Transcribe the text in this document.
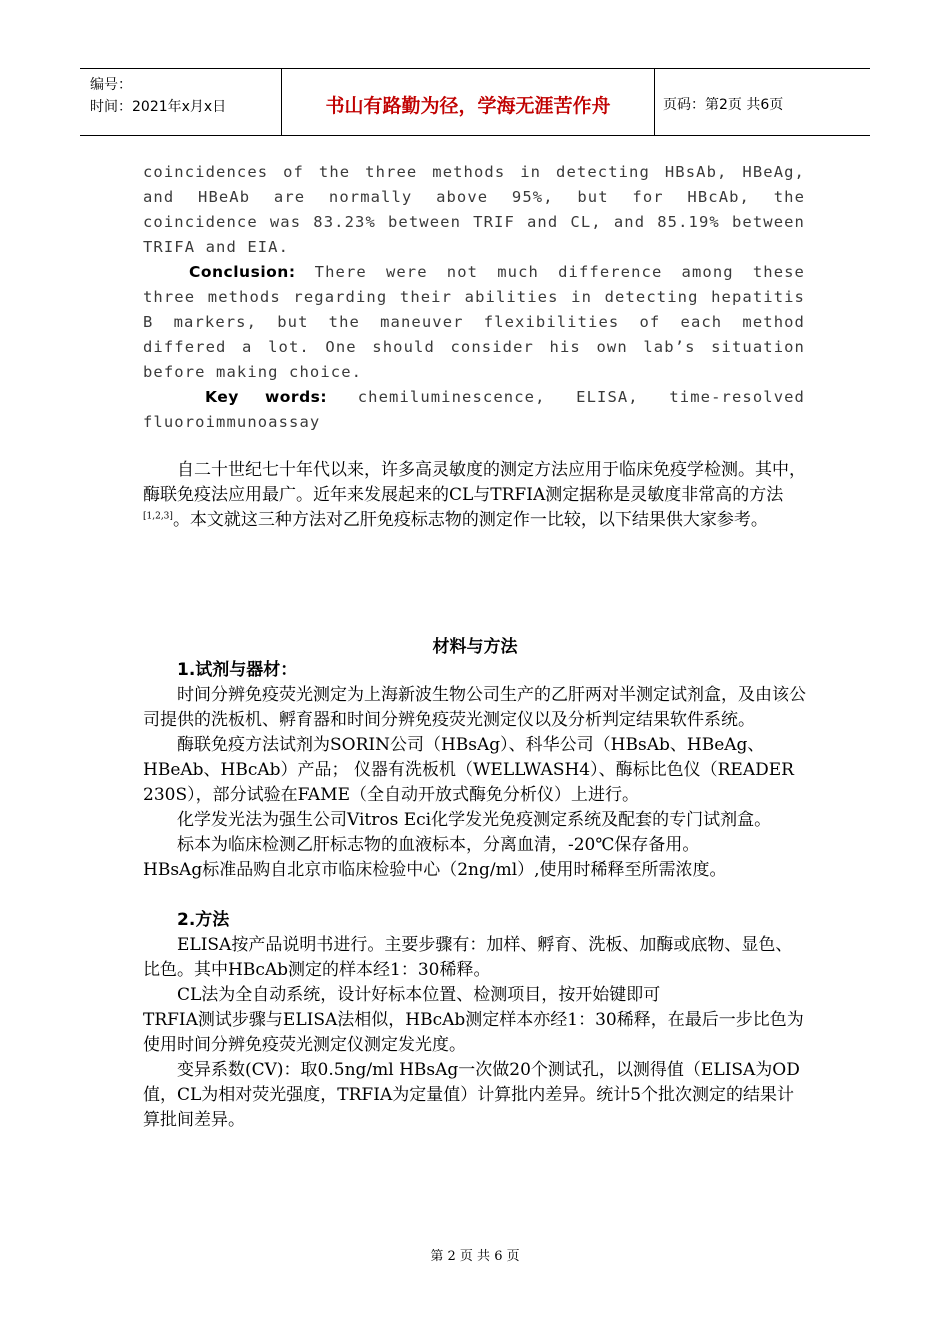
编号：
时间：2021年x月x日	书山有路勤为径，学海无涯苦作舟	页码：第2页 共6页

coincidences of the three methods in detecting HBsAb, HBeAg, and HBeAb are normally above 95%, but for HBcAb, the coincidence was 83.23% between TRIF and CL, and 85.19% between TRIFA and EIA.

Conclusion: There were not much difference among these three methods regarding their abilities in detecting hepatitis B markers, but the maneuver flexibilities of each method differed a lot. One should consider his own lab’s situation before making choice.

Key words: chemiluminescence, ELISA, time-resolved fluoroimmunoassay

自二十世纪七十年代以来，许多高灵敏度的测定方法应用于临床免疫学检测。其中，酶联免疫法应用最广。近年来发展起来的CL与TRFIA测定据称是灵敏度非常高的方法[1,2,3]。本文就这三种方法对乙肝免疫标志物的测定作一比较，以下结果供大家参考。

材料与方法

1.试剂与器材：

时间分辨免疫荧光测定为上海新波生物公司生产的乙肝两对半测定试剂盒，及由该公司提供的洗板机、孵育器和时间分辨免疫荧光测定仪以及分析判定结果软件系统。

酶联免疫方法试剂为SORIN公司（HBsAg）、科华公司（HBsAb、HBeAg、HBeAb、HBcAb）产品； 仪器有洗板机（WELLWASH4）、酶标比色仪（READER 230S），部分试验在FAME（全自动开放式酶免分析仪）上进行。

化学发光法为强生公司Vitros Eci化学发光免疫测定系统及配套的专门试剂盒。

标本为临床检测乙肝标志物的血液标本，分离血清，-20℃保存备用。

HBsAg标准品购自北京市临床检验中心（2ng/ml）,使用时稀释至所需浓度。

2.方法

ELISA按产品说明书进行。主要步骤有：加样、孵育、洗板、加酶或底物、显色、比色。其中HBcAb测定的样本经1：30稀释。

CL法为全自动系统，设计好标本位置、检测项目，按开始键即可

TRFIA测试步骤与ELISA法相似，HBcAb测定样本亦经1：30稀释，在最后一步比色为使用时间分辨免疫荧光测定仪测定发光度。

变异系数(CV)：取0.5ng/ml HBsAg一次做20个测试孔，以测得值（ELISA为OD值，CL为相对荧光强度，TRFIA为定量值）计算批内差异。统计5个批次测定的结果计算批间差异。

第 2 页 共 6 页
